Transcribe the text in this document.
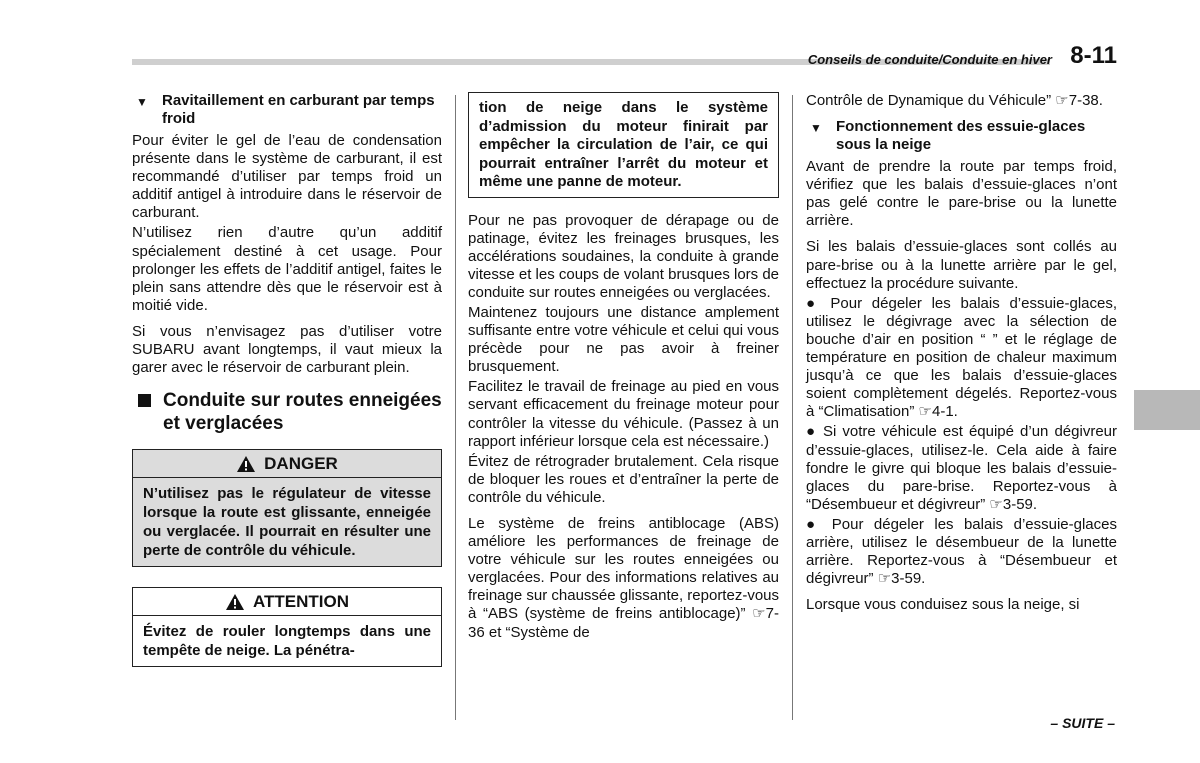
Conseils de conduite/Conduite en hiver 8-11
▼ Ravitaillement en carburant par temps froid

Pour éviter le gel de l’eau de condensation présente dans le système de carburant, il est recommandé d’utiliser par temps froid un additif antigel à introduire dans le réservoir de carburant.

N’utilisez rien d’autre qu’un additif spécialement destiné à cet usage. Pour prolonger les effets de l’additif antigel, faites le plein sans attendre dès que le réservoir est à moitié vide.

Si vous n’envisagez pas d’utiliser votre SUBARU avant longtemps, il vaut mieux la garer avec le réservoir de carburant plein.

Conduite sur routes enneigées et verglacées
DANGER
N’utilisez pas le régulateur de vitesse lorsque la route est glissante, enneigée ou verglacée. Il pourrait en résulter une perte de contrôle du véhicule.
ATTENTION
Évitez de rouler longtemps dans une tempête de neige. La pénétra-
tion de neige dans le système d’admission du moteur finirait par empêcher la circulation de l’air, ce qui pourrait entraîner l’arrêt du moteur et même une panne de moteur.

Pour ne pas provoquer de dérapage ou de patinage, évitez les freinages brusques, les accélérations soudaines, la conduite à grande vitesse et les coups de volant brusques lors de conduite sur routes enneigées ou verglacées.

Maintenez toujours une distance amplement suffisante entre votre véhicule et celui qui vous précède pour ne pas avoir à freiner brusquement.

Facilitez le travail de freinage au pied en vous servant efficacement du freinage moteur pour contrôler la vitesse du véhicule. (Passez à un rapport inférieur lorsque cela est nécessaire.)

Évitez de rétrograder brutalement. Cela risque de bloquer les roues et d’entraîner la perte de contrôle du véhicule.

Le système de freins antiblocage (ABS) améliore les performances de freinage de votre véhicule sur les routes enneigées ou verglacées. Pour des informations relatives au freinage sur chaussée glissante, reportez-vous à “ABS (système de freins antiblocage)” ☞7-36 et “Système de

Contrôle de Dynamique du Véhicule” ☞7-38.

▼ Fonctionnement des essuie-glaces sous la neige

Avant de prendre la route par temps froid, vérifiez que les balais d’essuie-glaces n’ont pas gelé contre le pare-brise ou la lunette arrière.

Si les balais d’essuie-glaces sont collés au pare-brise ou à la lunette arrière par le gel, effectuez la procédure suivante.

● Pour dégeler les balais d’essuie-glaces, utilisez le dégivrage avec la sélection de bouche d’air en position “ ” et le réglage de température en position de chaleur maximum jusqu’à ce que les balais d’essuie-glaces soient complètement dégelés. Reportez-vous à “Climatisation” ☞4-1.

● Si votre véhicule est équipé d’un dégivreur d’essuie-glaces, utilisez-le. Cela aide à faire fondre le givre qui bloque les balais d’essuie-glaces du pare-brise. Reportez-vous à “Désembueur et dégivreur” ☞3-59.

● Pour dégeler les balais d’essuie-glaces arrière, utilisez le désembueur de la lunette arrière. Reportez-vous à “Désembueur et dégivreur” ☞3-59.

Lorsque vous conduisez sous la neige, si

– SUITE –
